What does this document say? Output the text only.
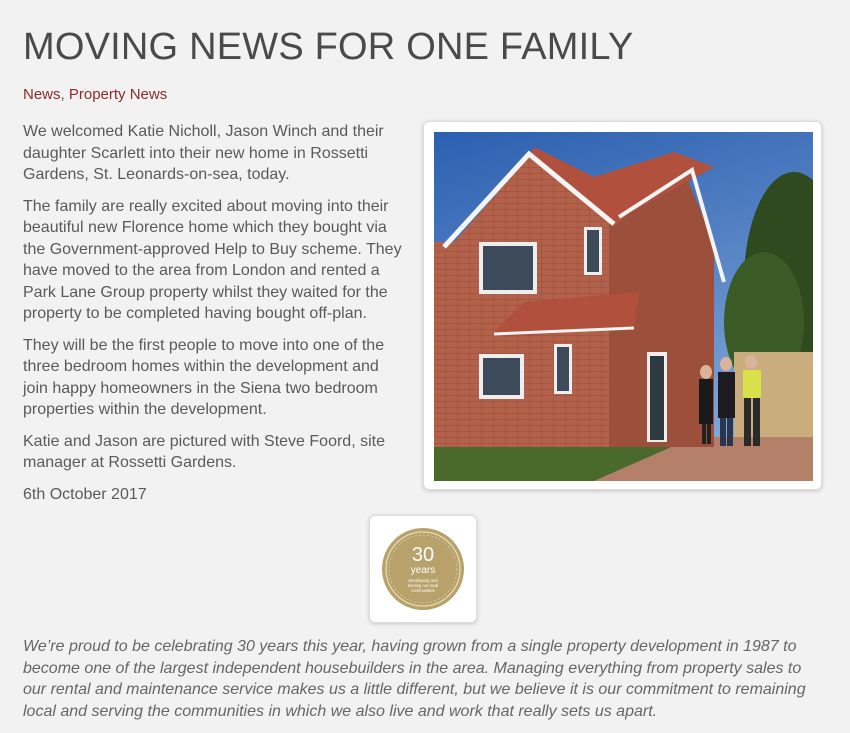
MOVING NEWS FOR ONE FAMILY
News, Property News

We welcomed Katie Nicholl, Jason Winch and their daughter Scarlett into their new home in Rossetti Gardens, St. Leonards-on-sea, today.

The family are really excited about moving into their beautiful new Florence home which they bought via the Government-approved Help to Buy scheme. They have moved to the area from London and rented a Park Lane Group property whilst they waited for the property to be completed having bought off-plan.

They will be the first people to move into one of the three bedroom homes within the development and join happy homeowners in the Siena two bedroom properties within the development.

Katie and Jason are pictured with Steve Foord, site manager at Rossetti Gardens.

6th October 2017

30
years
Developing and
serving our local
communities

We’re proud to be celebrating 30 years this year, having grown from a single property development in 1987 to become one of the largest independent housebuilders in the area. Managing everything from property sales to our rental and maintenance service makes us a little different, but we believe it is our commitment to remaining local and serving the communities in which we also live and work that really sets us apart.
